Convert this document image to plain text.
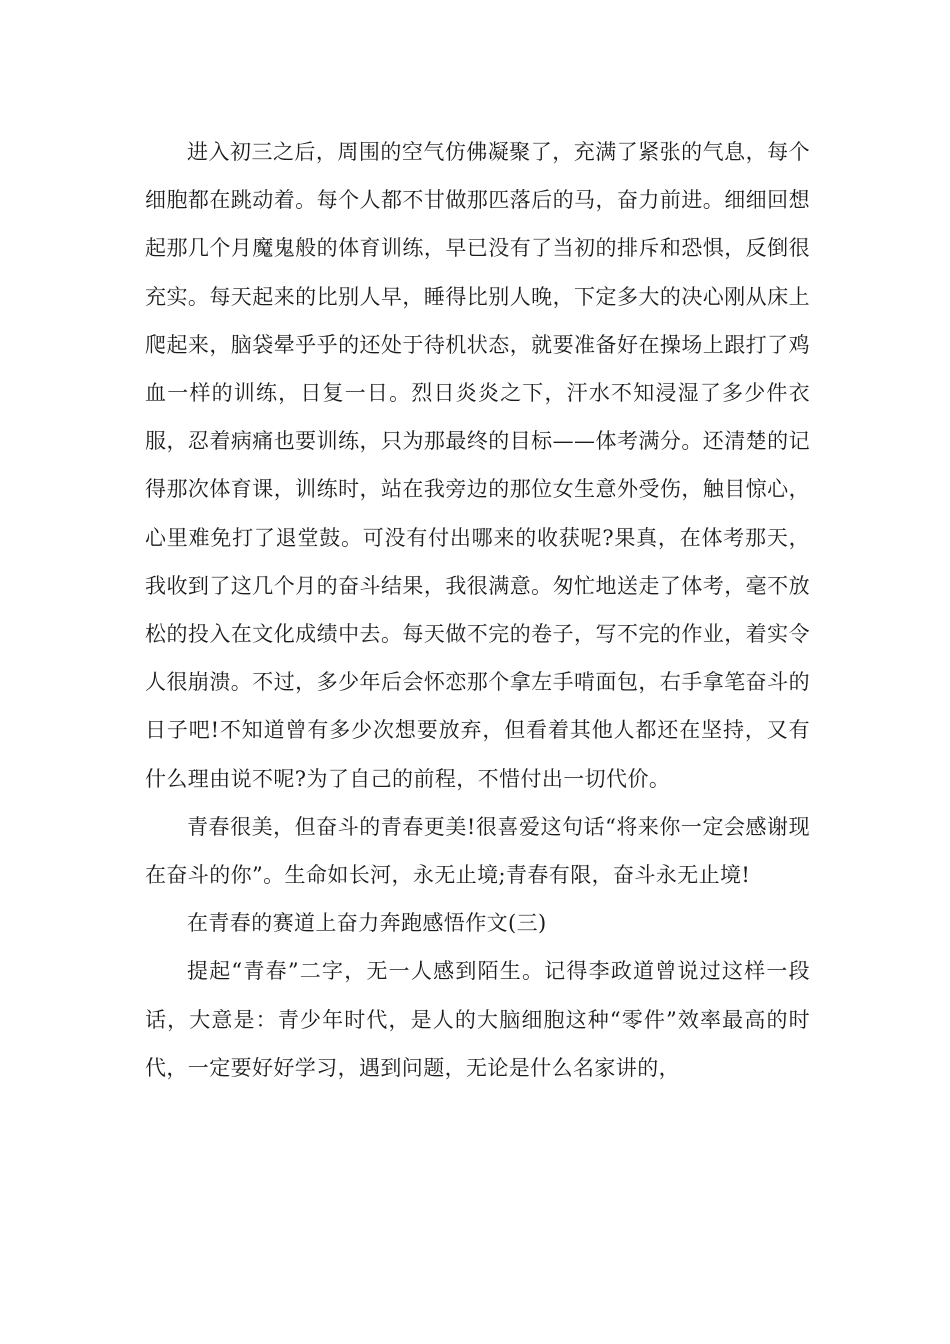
进入初三之后，周围的空气仿佛凝聚了，充满了紧张的气息，每个细胞都在跳动着。每个人都不甘做那匹落后的马，奋力前进。细细回想起那几个月魔鬼般的体育训练，早已没有了当初的排斥和恐惧，反倒很充实。每天起来的比别人早，睡得比别人晚，下定多大的决心刚从床上爬起来，脑袋晕乎乎的还处于待机状态，就要准备好在操场上跟打了鸡血一样的训练，日复一日。烈日炎炎之下，汗水不知浸湿了多少件衣服，忍着病痛也要训练，只为那最终的目标——体考满分。还清楚的记得那次体育课，训练时，站在我旁边的那位女生意外受伤，触目惊心，心里难免打了退堂鼓。可没有付出哪来的收获呢?果真，在体考那天，我收到了这几个月的奋斗结果，我很满意。匆忙地送走了体考，毫不放松的投入在文化成绩中去。每天做不完的卷子，写不完的作业，着实令人很崩溃。不过，多少年后会怀恋那个拿左手啃面包，右手拿笔奋斗的日子吧!不知道曾有多少次想要放弃，但看着其他人都还在坚持，又有什么理由说不呢?为了自己的前程，不惜付出一切代价。

青春很美，但奋斗的青春更美!很喜爱这句话“将来你一定会感谢现在奋斗的你”。生命如长河，永无止境;青春有限，奋斗永无止境!

在青春的赛道上奋力奔跑感悟作文(三)

提起“青春”二字，无一人感到陌生。记得李政道曾说过这样一段话，大意是：青少年时代，是人的大脑细胞这种“零件”效率最高的时代，一定要好好学习，遇到问题，无论是什么名家讲的，
